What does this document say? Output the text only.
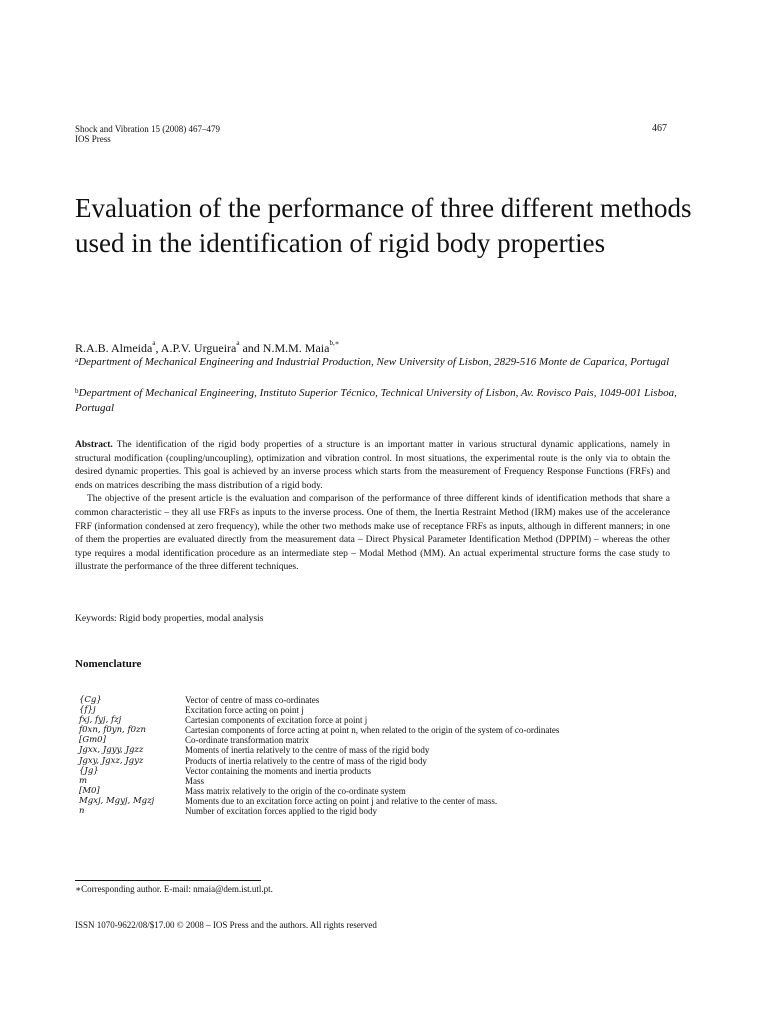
Shock and Vibration 15 (2008) 467–479
IOS Press
467
Evaluation of the performance of three different methods used in the identification of rigid body properties
R.A.B. Almeida$^a$, A.P.V. Urgueira$^a$ and N.M.M. Maia$^{b,∗}$
$^a$Department of Mechanical Engineering and Industrial Production, New University of Lisbon, 2829-516 Monte de Caparica, Portugal
$^b$Department of Mechanical Engineering, Instituto Superior Técnico, Technical University of Lisbon, Av. Rovisco Pais, 1049-001 Lisboa, Portugal

Abstract. The identification of the rigid body properties of a structure is an important matter in various structural dynamic applications, namely in structural modification (coupling/uncoupling), optimization and vibration control. In most situations, the experimental route is the only via to obtain the desired dynamic properties. This goal is achieved by an inverse process which starts from the measurement of Frequency Response Functions (FRFs) and ends on matrices describing the mass distribution of a rigid body.

The objective of the present article is the evaluation and comparison of the performance of three different kinds of identification methods that share a common characteristic – they all use FRFs as inputs to the inverse process. One of them, the Inertia Restraint Method (IRM) makes use of the accelerance FRF (information condensed at zero frequency), while the other two methods make use of receptance FRFs as inputs, although in different manners; in one of them the properties are evaluated directly from the measurement data – Direct Physical Parameter Identification Method (DPPIM) – whereas the other type requires a modal identification procedure as an intermediate step – Modal Method (MM). An actual experimental structure forms the case study to illustrate the performance of the three different techniques.

Keywords: Rigid body properties, modal analysis
Nomenclature
{Cg}	Vector of centre of mass co-ordinates
{f}j	Excitation force acting on point j
fxj, fyj, fzj	Cartesian components of excitation force at point j
f0xn, f0yn, f0zn	Cartesian components of force acting at point n, when related to the origin of the system of co-ordinates
[Gm0]	Co-ordinate transformation matrix
Jgxx, Jgyy, Jgzz	Moments of inertia relatively to the centre of mass of the rigid body
Jgxy, Jgxz, Jgyz	Products of inertia relatively to the centre of mass of the rigid body
{Jg}	Vector containing the moments and inertia products
m	Mass
[M0]	Mass matrix relatively to the origin of the co-ordinate system
Mgxj, Mgyj, Mgzj	Moments due to an excitation force acting on point j and relative to the center of mass.
n	Number of excitation forces applied to the rigid body
∗Corresponding author. E-mail: nmaia@dem.ist.utl.pt.
ISSN 1070-9622/08/$17.00 © 2008 – IOS Press and the authors. All rights reserved
